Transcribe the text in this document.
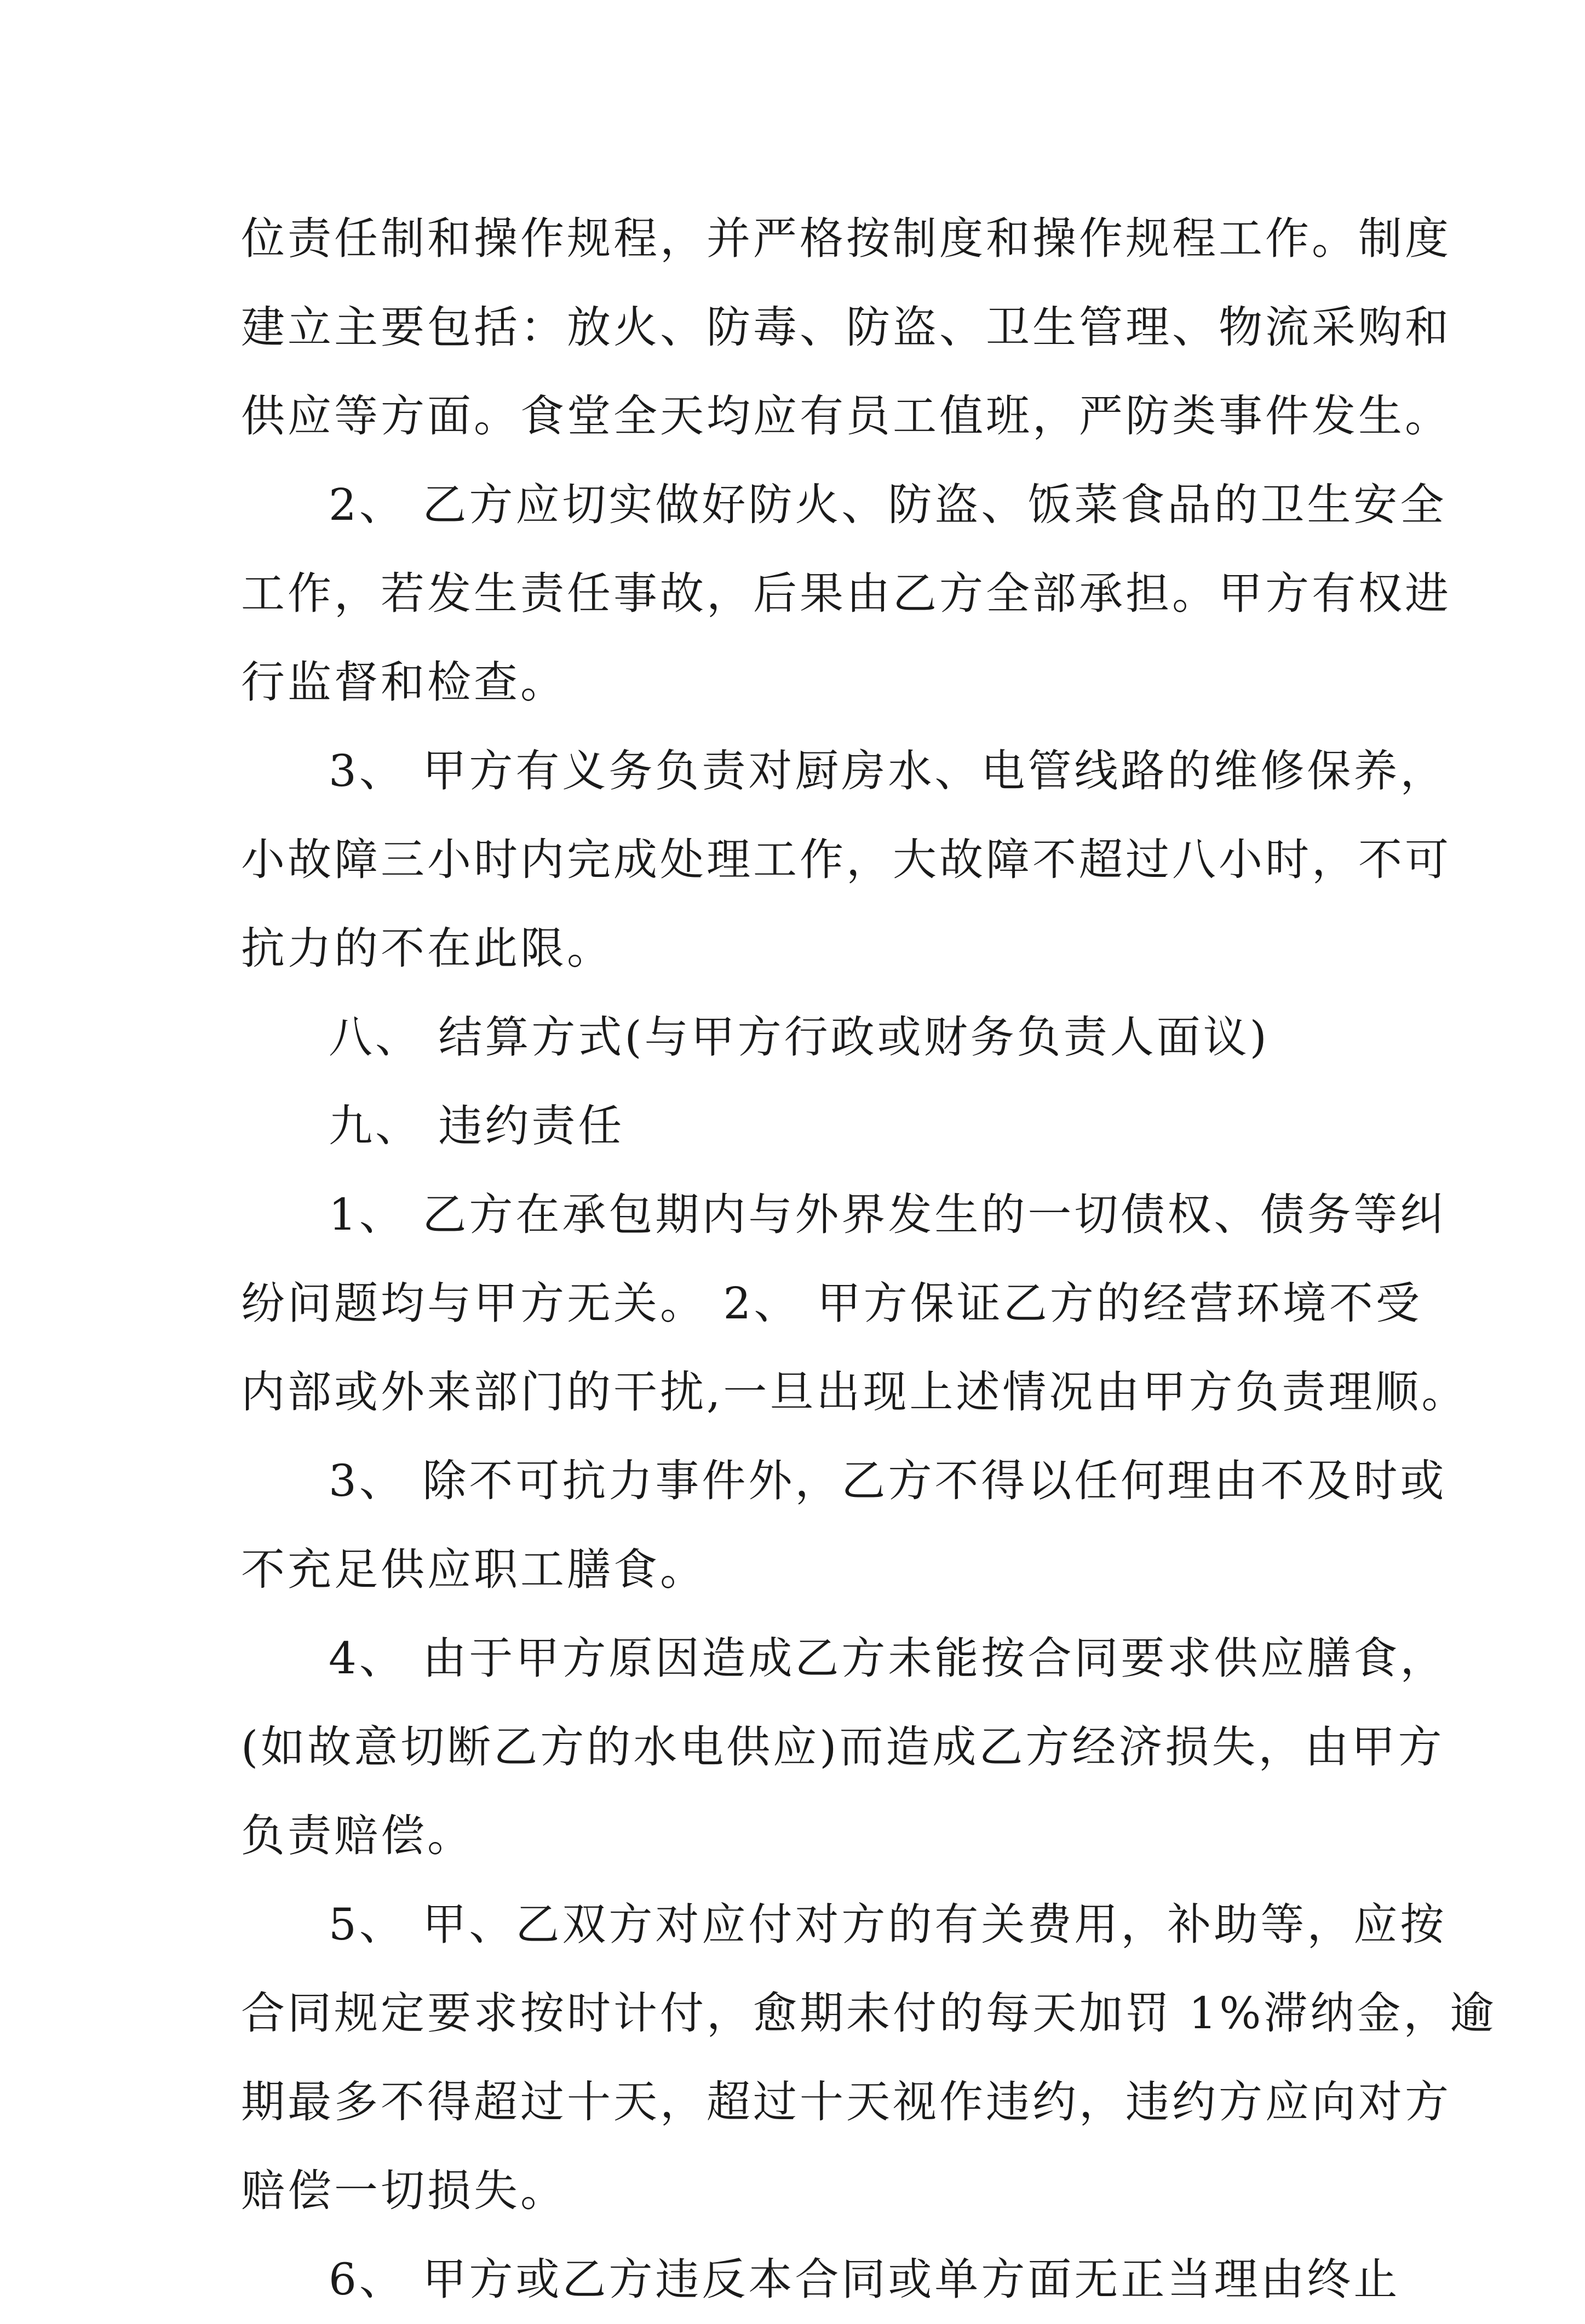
位责任制和操作规程，并严格按制度和操作规程工作。制度
建立主要包括：放火、防毒、防盗、卫生管理、物流采购和
供应等方面。食堂全天均应有员工值班，严防类事件发生。
2、 乙方应切实做好防火、防盗、饭菜食品的卫生安全
工作，若发生责任事故，后果由乙方全部承担。甲方有权进
行监督和检查。
3、 甲方有义务负责对厨房水、电管线路的维修保养，
小故障三小时内完成处理工作，大故障不超过八小时，不可
抗力的不在此限。
八、 结算方式(与甲方行政或财务负责人面议)
九、 违约责任
1、 乙方在承包期内与外界发生的一切债权、债务等纠
纷问题均与甲方无关。 2、 甲方保证乙方的经营环境不受
内部或外来部门的干扰,一旦出现上述情况由甲方负责理顺。
3、 除不可抗力事件外，乙方不得以任何理由不及时或
不充足供应职工膳食。
4、 由于甲方原因造成乙方未能按合同要求供应膳食，
(如故意切断乙方的水电供应)而造成乙方经济损失，由甲方
负责赔偿。
5、 甲、乙双方对应付对方的有关费用，补助等，应按
合同规定要求按时计付，愈期未付的每天加罚 1%滞纳金，逾
期最多不得超过十天，超过十天视作违约，违约方应向对方
赔偿一切损失。
6、 甲方或乙方违反本合同或单方面无正当理由终止
